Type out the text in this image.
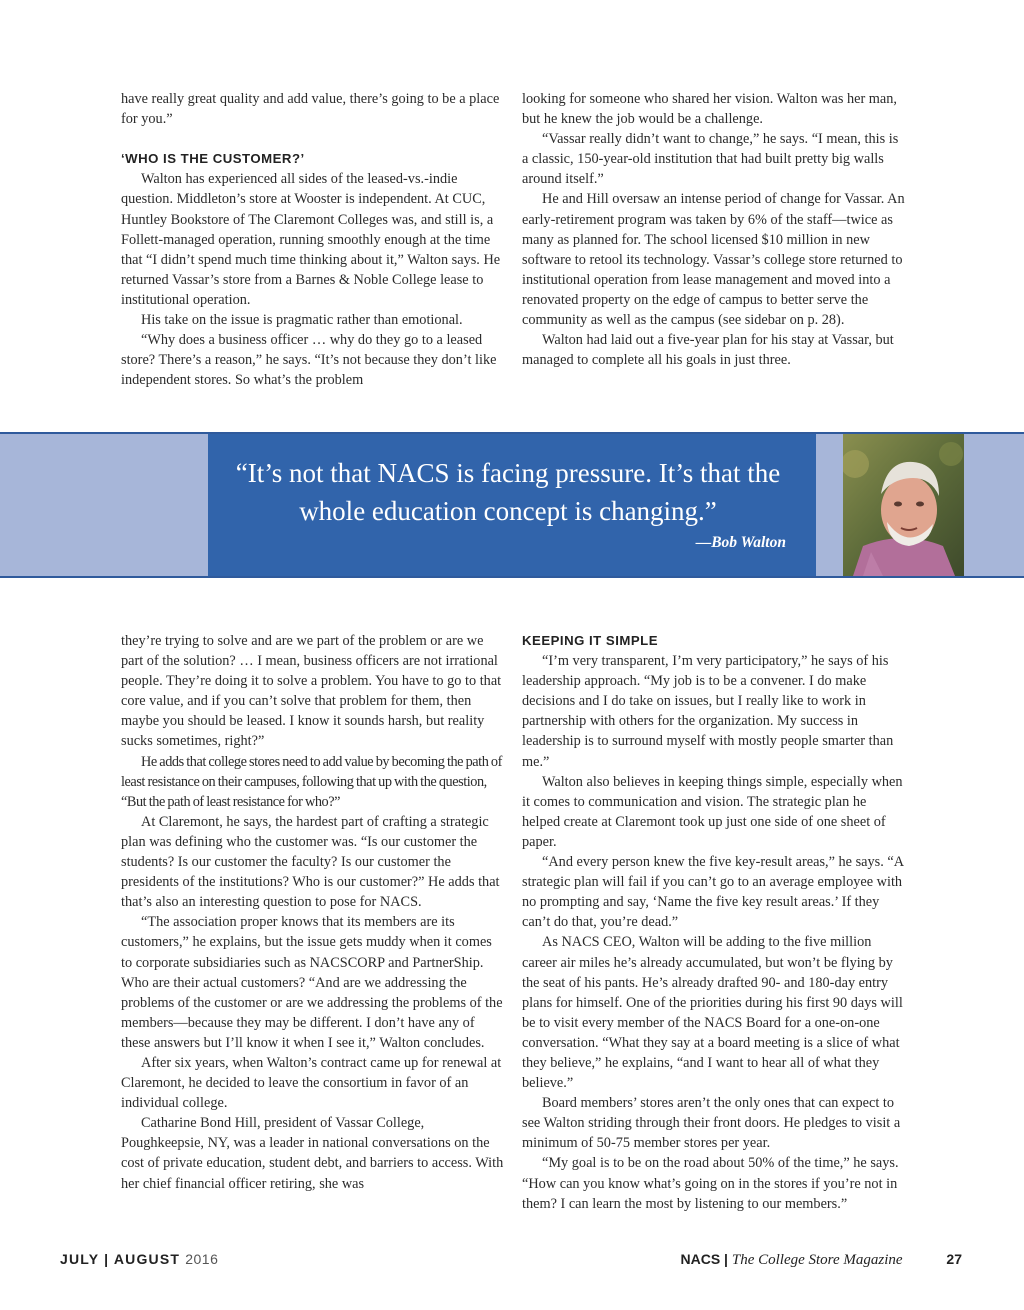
have really great quality and add value, there’s going to be a place for you.”

‘WHO IS THE CUSTOMER?’

Walton has experienced all sides of the leased-vs.-indie question. Middleton’s store at Wooster is independent. At CUC, Huntley Bookstore of The Claremont Colleges was, and still is, a Follett-managed operation, running smoothly enough at the time that “I didn’t spend much time thinking about it,” Walton says. He returned Vassar’s store from a Barnes & Noble College lease to institutional operation.

His take on the issue is pragmatic rather than emotional.

“Why does a business officer … why do they go to a leased store? There’s a reason,” he says. “It’s not because they don’t like independent stores. So what’s the problem

looking for someone who shared her vision. Walton was her man, but he knew the job would be a challenge.

“Vassar really didn’t want to change,” he says. “I mean, this is a classic, 150-year-old institution that had built pretty big walls around itself.”

He and Hill oversaw an intense period of change for Vassar. An early-retirement program was taken by 6% of the staff—twice as many as planned for. The school licensed $10 million in new software to retool its technology. Vassar’s college store returned to institutional operation from lease management and moved into a renovated property on the edge of campus to better serve the community as well as the campus (see sidebar on p. 28).

Walton had laid out a five-year plan for his stay at Vassar, but managed to complete all his goals in just three.

“It’s not that NACS is facing pressure. It’s that the whole education concept is changing.”
—Bob Walton

they’re trying to solve and are we part of the problem or are we part of the solution? … I mean, business officers are not irrational people. They’re doing it to solve a problem. You have to go to that core value, and if you can’t solve that problem for them, then maybe you should be leased. I know it sounds harsh, but reality sucks sometimes, right?”

He adds that college stores need to add value by becoming the path of least resistance on their campuses, following that up with the question, “But the path of least resistance for who?”

At Claremont, he says, the hardest part of crafting a strategic plan was defining who the customer was. “Is our customer the students? Is our customer the faculty? Is our customer the presidents of the institutions? Who is our customer?” He adds that that’s also an interesting question to pose for NACS.

“The association proper knows that its members are its customers,” he explains, but the issue gets muddy when it comes to corporate subsidiaries such as NACSCORP and PartnerShip. Who are their actual customers? “And are we addressing the problems of the customer or are we addressing the problems of the members—because they may be different. I don’t have any of these answers but I’ll know it when I see it,” Walton concludes.

After six years, when Walton’s contract came up for renewal at Claremont, he decided to leave the consortium in favor of an individual college.

Catharine Bond Hill, president of Vassar College, Poughkeepsie, NY, was a leader in national conversations on the cost of private education, student debt, and barriers to access. With her chief financial officer retiring, she was

KEEPING IT SIMPLE

“I’m very transparent, I’m very participatory,” he says of his leadership approach. “My job is to be a convener. I do make decisions and I do take on issues, but I really like to work in partnership with others for the organization. My success in leadership is to surround myself with mostly people smarter than me.”

Walton also believes in keeping things simple, especially when it comes to communication and vision. The strategic plan he helped create at Claremont took up just one side of one sheet of paper.

“And every person knew the five key-result areas,” he says. “A strategic plan will fail if you can’t go to an average employee with no prompting and say, ‘Name the five key result areas.’ If they can’t do that, you’re dead.”

As NACS CEO, Walton will be adding to the five million career air miles he’s already accumulated, but won’t be flying by the seat of his pants. He’s already drafted 90- and 180-day entry plans for himself. One of the priorities during his first 90 days will be to visit every member of the NACS Board for a one-on-one conversation. “What they say at a board meeting is a slice of what they believe,” he explains, “and I want to hear all of what they believe.”

Board members’ stores aren’t the only ones that can expect to see Walton striding through their front doors. He pledges to visit a minimum of 50-75 member stores per year.

“My goal is to be on the road about 50% of the time,” he says. “How can you know what’s going on in the stores if you’re not in them? I can learn the most by listening to our members.”

JULY | AUGUST 2016	NACS | The College Store Magazine	27
